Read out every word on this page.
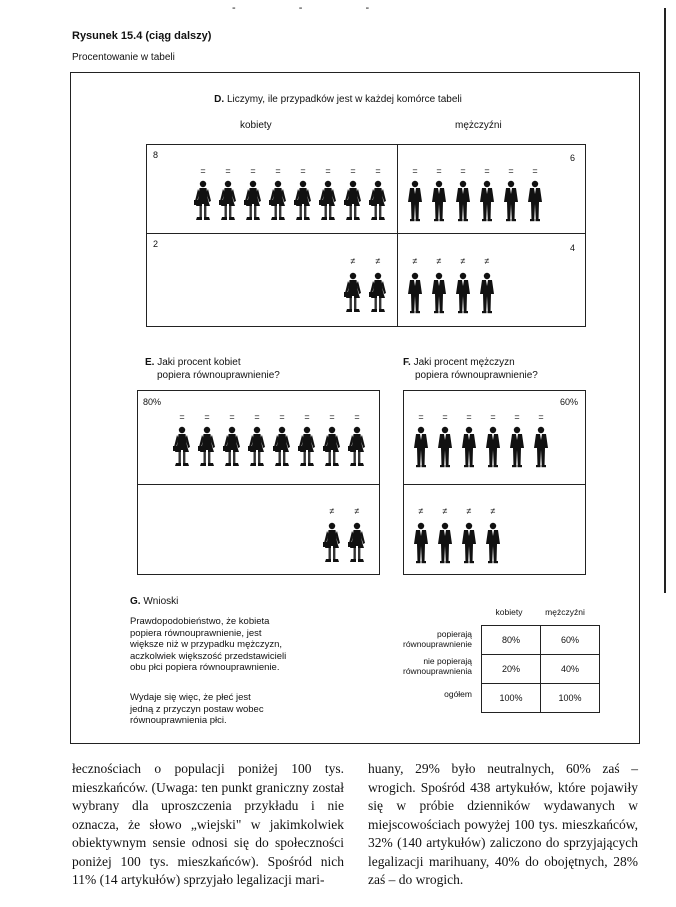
- - -
Rysunek 15.4 (ciąg dalszy)
Procentowanie w tabeli
D. Liczymy, ile przypadków jest w każdej komórce tabeli
kobiety	mężczyźni
8	6
2	4
=	=	=	=	=	=	=	=	=	=	=	=	=	=
≠	≠	≠	≠	≠	≠
E. Jaki procent kobiet
popiera równouprawnienie?
80%
=	=	=	=	=	=	=	=
≠	≠
F. Jaki procent mężczyzn
popiera równouprawnienie?
60%
=	=	=	=	=	=
≠	≠	≠	≠
G. Wnioski
Prawdopodobieństwo, że kobieta
popiera równouprawnienie, jest
większe niż w przypadku mężczyzn,
aczkolwiek większość przedstawicieli
obu płci popiera równouprawnienie.
Wydaje się więc, że płeć jest
jedną z przyczyn postaw wobec
równouprawnienia płci.
kobiety	mężczyźni
popierają
równouprawnienie
nie popierają
równouprawnienia
ogółem
80%	60%
20%	40%
100%	100%

łecznościach o populacji poniżej 100 tys. mieszkańców. (Uwaga: ten punkt graniczny został wybrany dla uproszczenia przykładu i nie oznacza, że słowo „wiejski" w jakimkolwiek obiektywnym sensie odnosi się do społeczności poniżej 100 tys. mieszkańców). Spośród nich 11% (14 artykułów) sprzyjało legalizacji mari-

huany, 29% było neutralnych, 60% zaś – wrogich. Spośród 438 artykułów, które pojawiły się w próbie dzienników wydawanych w miejscowościach powyżej 100 tys. mieszkańców, 32% (140 artykułów) zaliczono do sprzyjających legalizacji marihuany, 40% do obojętnych, 28% zaś – do wrogich.
